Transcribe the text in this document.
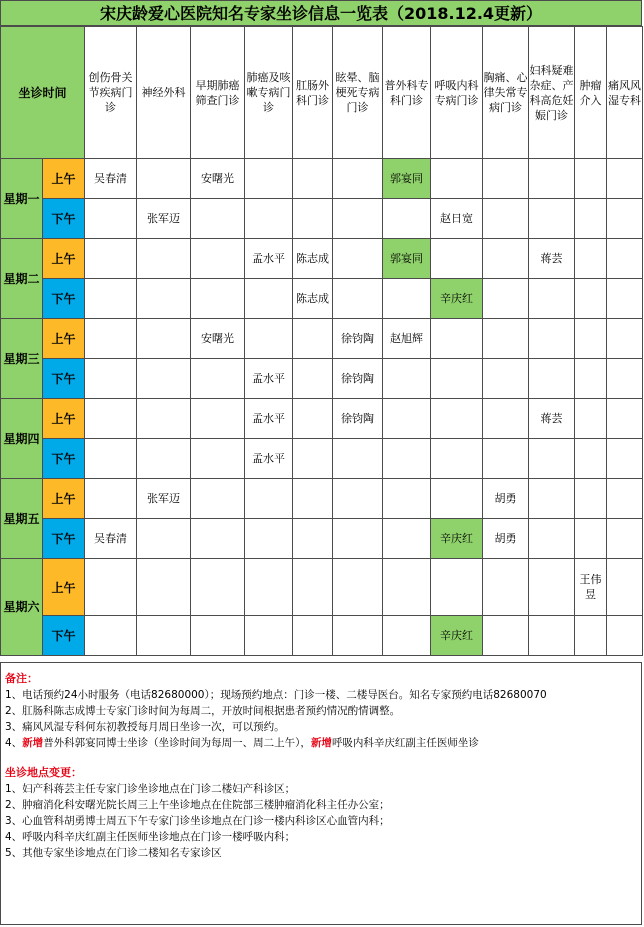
宋庆龄爱心医院知名专家坐诊信息一览表（2018.12.4更新）
坐诊时间		创伤骨关节疾病门诊	神经外科	早期肺癌筛查门诊	肺癌及咳嗽专病门诊	肛肠外科门诊	眩晕、脑梗死专病门诊	普外科专科门诊	呼吸内科专病门诊	胸痛、心律失常专病门诊	妇科疑难杂症、产科高危妊娠门诊	肿瘤介入	痛风风湿专科
星期一	上午	吴春清		安曙光				郭宴同					
	下午		张军迈						赵日宽				
星期二	上午				孟水平	陈志成		郭宴同			蒋芸		
	下午					陈志成			辛庆红				
星期三	上午			安曙光			徐钧陶	赵旭辉					
	下午				孟水平		徐钧陶						
星期四	上午				孟水平		徐钧陶				蒋芸		
	下午				孟水平								
星期五	上午		张军迈							胡勇			
	下午	吴春清							辛庆红	胡勇			
星期六	上午											王伟昱	
	下午								辛庆红				
备注：
1、电话预约24小时服务（电话82680000）；现场预约地点：门诊一楼、二楼导医台。知名专家预约电话82680070
2、肛肠科陈志成博士专家门诊时间为每周二，开放时间根据患者预约情况酌情调整。
3、痛风风湿专科何东初教授每月周日坐诊一次，可以预约。
4、新增普外科郭宴同博士坐诊（坐诊时间为每周一、周二上午），新增呼吸内科辛庆红副主任医师坐诊
坐诊地点变更：
1、妇产科蒋芸主任专家门诊坐诊地点在门诊二楼妇产科诊区；
2、肿瘤消化科安曙光院长周三上午坐诊地点在住院部三楼肿瘤消化科主任办公室；
3、心血管科胡勇博士周五下午专家门诊坐诊地点在门诊一楼内科诊区心血管内科；
4、呼吸内科辛庆红副主任医师坐诊地点在门诊一楼呼吸内科；
5、其他专家坐诊地点在门诊二楼知名专家诊区
